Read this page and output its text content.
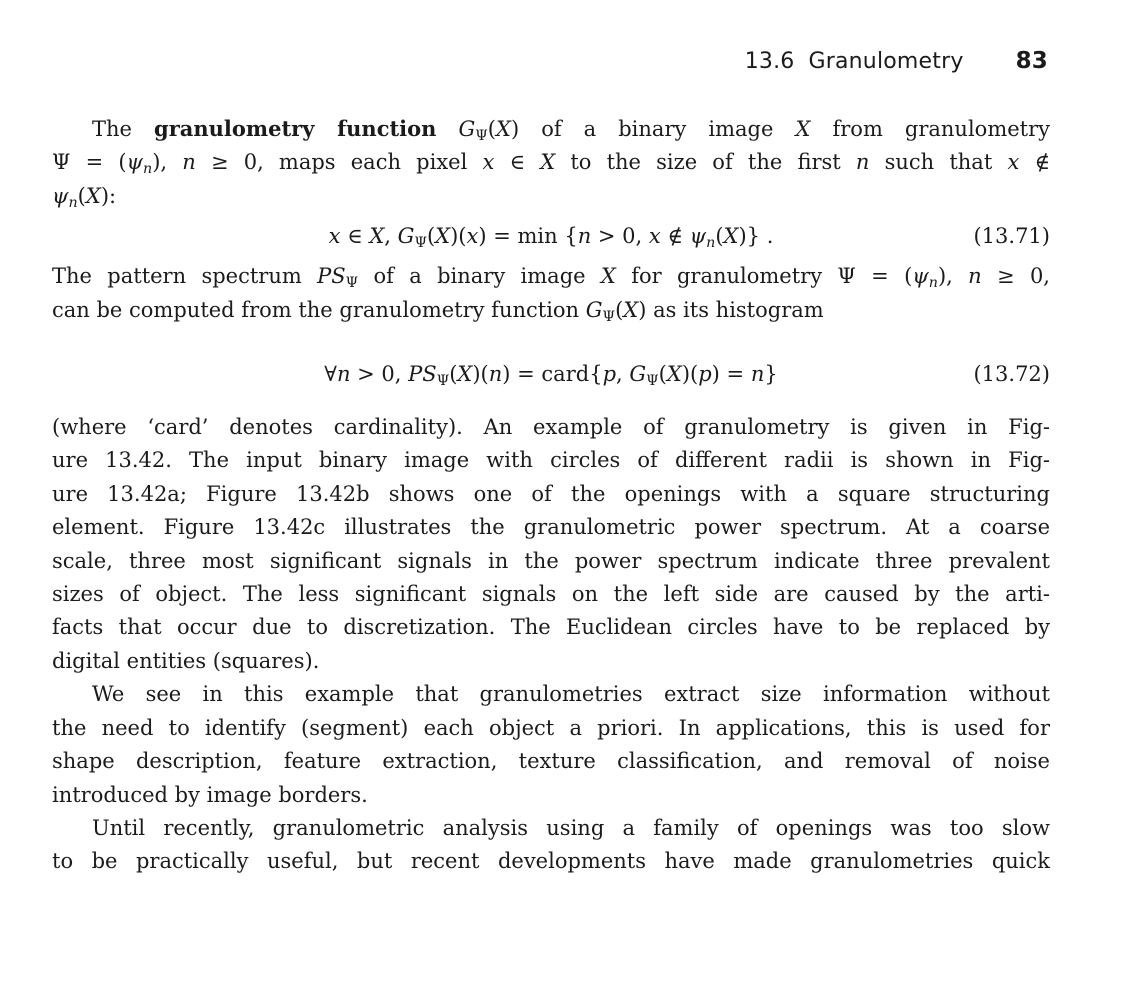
13.6 Granulometry 83
The granulometry function $G_\Psi(X)$ of a binary image X from granulometry
$\Psi = (\psi_n)$, n ≥ 0, maps each pixel x ∈ X to the size of the first n such that x ∉
$\psi_n(X)$:
x ∈ X, $G_\Psi(X)(x) = \min \{n > 0$, x ∉ $\psi_n(X)$} .	(13.71)
The pattern spectrum $PS_\Psi$ of a binary image X for granulometry $\Psi = (\psi_n)$, n ≥ 0,
can be computed from the granulometry function $G_\Psi(X)$ as its histogram
∀n > 0, $PS_\Psi(X)(n)$ = card{p, $G_\Psi(X)(p) = n$}	(13.72)
(where ‘card’ denotes cardinality). An example of granulometry is given in Fig-
ure 13.42. The input binary image with circles of different radii is shown in Fig-
ure 13.42a; Figure 13.42b shows one of the openings with a square structuring
element. Figure 13.42c illustrates the granulometric power spectrum. At a coarse
scale, three most significant signals in the power spectrum indicate three prevalent
sizes of object. The less significant signals on the left side are caused by the arti-
facts that occur due to discretization. The Euclidean circles have to be replaced by
digital entities (squares).
We see in this example that granulometries extract size information without
the need to identify (segment) each object a priori. In applications, this is used for
shape description, feature extraction, texture classification, and removal of noise
introduced by image borders.
Until recently, granulometric analysis using a family of openings was too slow
to be practically useful, but recent developments have made granulometries quick
